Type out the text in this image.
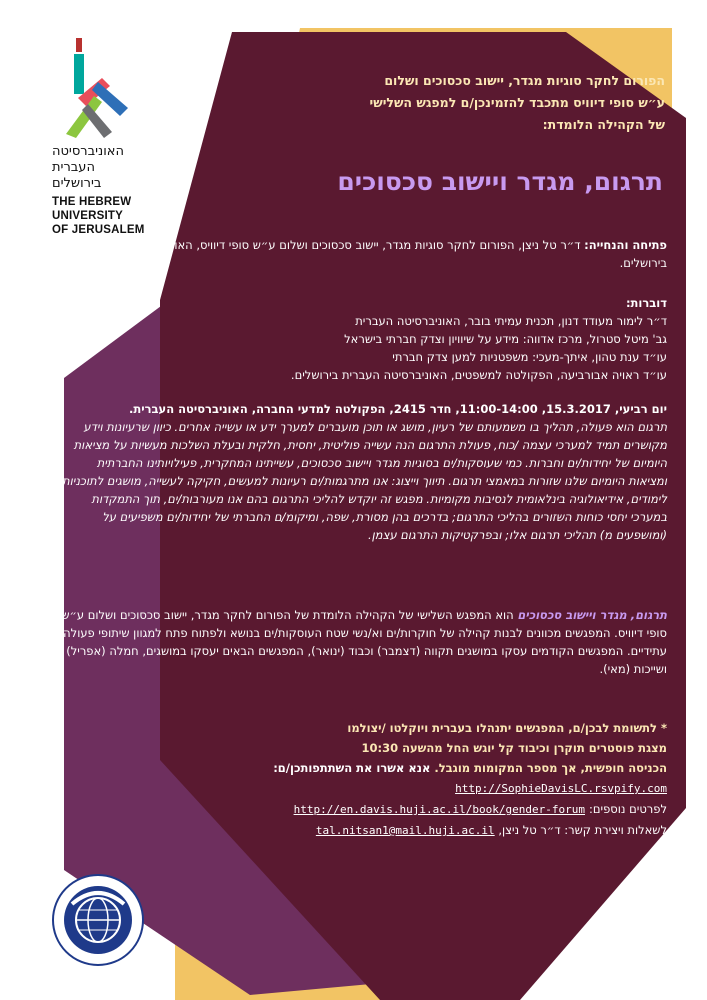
האוניברסיטה
העברית
בירושלים
THE HEBREW
UNIVERSITY
OF JERUSALEM
הפורום לחקר סוגיות מגדר, יישוב סכסוכים ושלום
ע״ש סופי דיוויס מתכבד להזמינכן/ם למפגש השלישי
של הקהילה הלומדת:
תרגום, מגדר ויישוב סכסוכים
פתיחה והנחייה: ד״ר טל ניצן, הפורום לחקר סוגיות מגדר, יישוב סכסוכים ושלום ע״ש סופי דיוויס, האוניברסיטה העברית בירושלים.
דוברות:
ד״ר לימור מעודד דנון, תכנית עמיתי בובר, האוניברסיטה העברית
גב' מיטל סטרול, מרכז אדווה: מידע על שיוויון וצדק חברתי בישראל
עו״ד ענת טהון, איתך-מעכי: משפטניות למען צדק חברתי
עו״ד ראויה אבורביעה, הפקולטה למשפטים, האוניברסיטה העברית בירושלים.
יום רביעי, 15.3.2017, 11:00-14:00, חדר 2415, הפקולטה למדעי החברה, האוניברסיטה העברית.
תרגום הוא פעולה, תהליך בו משמעותם של רעיון, מושג או תוכן מועברים למערך ידע או עשייה אחרים. כיוון שרעיונות וידע מקושרים תמיד למערכי עצמה /כוח, פעולת התרגום הנה עשייה פוליטית, יחסית, חלקית ובעלת השלכות מעשיות על מציאות היומיום של יחידות/ים וחברות. כמי שעוסקות/ים בסוגיות מגדר ויישוב סכסוכים, עשייתינו המחקרית, פעילויותינו החברתית ומציאות היומיום שלנו שזורות במאמצי תרגום. תיווך וייצוג: אנו מתרגמות/ים רעיונות למעשים, חקיקה לעשייה, מושגים לתוכניות לימודים, אידיאולוגיה בינלאומית לנסיבות מקומיות. מפגש זה יוקדש להליכי התרגום בהם אנו מעורבות/ים, תוך התמקדות במערכי יחסי כוחות השזורים בהליכי התרגום; בדרכים בהן מסורת, שפה, ומיקומ/ם החברתי של יחידות/ים משפיעים על (ומושפעים מ) תהליכי תרגום אלו; ובפרקטיקות התרגום עצמן.
תרגום, מגדר ויישוב סכסוכים הוא המפגש השלישי של הקהילה הלומדת של הפורום לחקר מגדר, יישוב סכסוכים ושלום ע״ש סופי דיוויס. המפגשים מכוונים לבנות קהילה של חוקרות/ים וא/נשי שטח העוסקות/ים בנושא ולפתוח פתח למגוון שיתופי פעולה עתידיים. המפגשים הקודמים עסקו במושגים תקווה (דצמבר) וכבוד (ינואר), המפגשים הבאים יעסקו במושגים, חמלה (אפריל) ושייכות (מאי).
* לתשומת לבכן/ם, המפגשים יתנהלו בעברית ויוקלטו /יצולמו
מצגת פוסטרים תוקרן וכיבוד קל יוגש החל מהשעה 10:30
הכניסה חופשית, אך מספר המקומות מוגבל. אנא אשרו את השתתפותכן/ם:
http://SophieDavisLC.rsvpify.com
לפרטים נוספים: http://en.davis.huji.ac.il/book/gender-forum
לשאלות ויצירת קשר: ד״ר טל ניצן, tal.nitsan1@mail.huji.ac.il
